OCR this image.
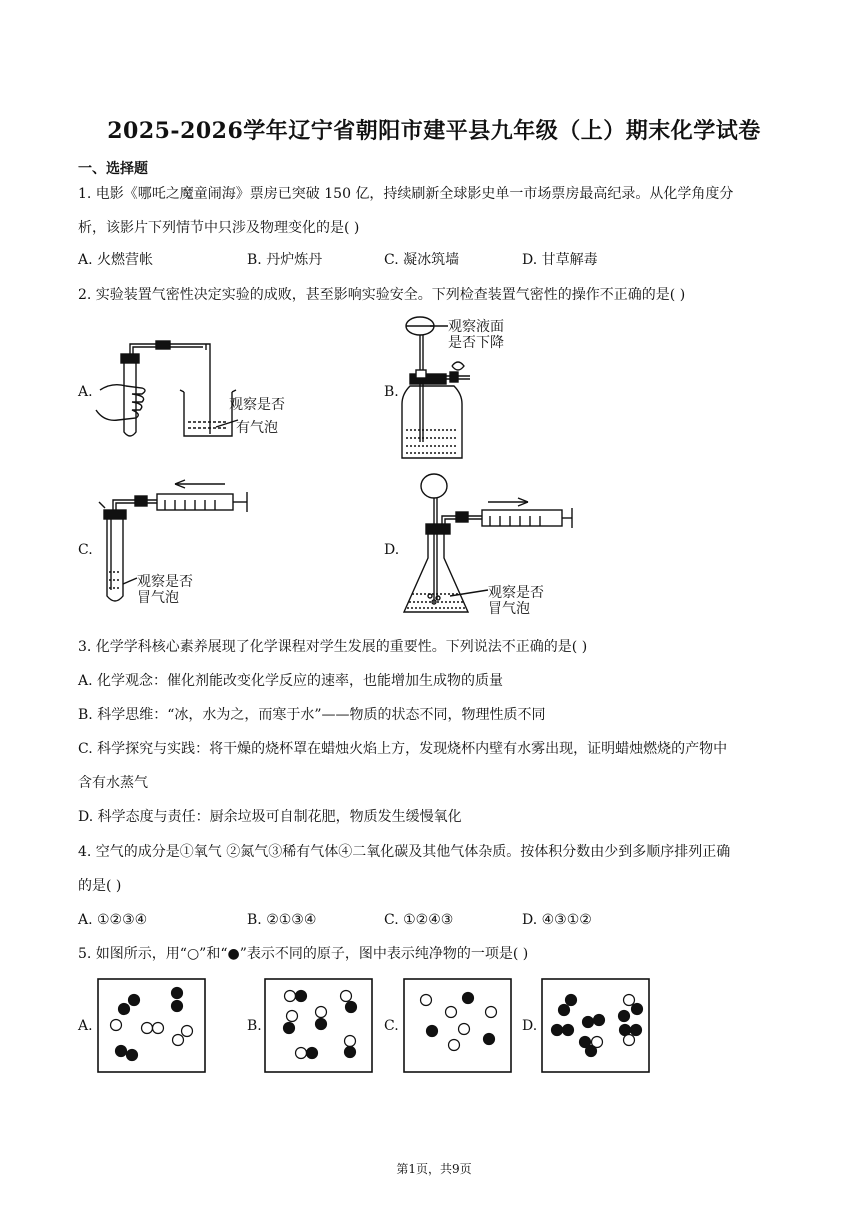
2025-2026学年辽宁省朝阳市建平县九年级（上）期末化学试卷
一、选择题
1. 电影《哪吒之魔童闹海》票房已突破 150 亿，持续刷新全球影史单一市场票房最高纪录。从化学角度分
析，该影片下列情节中只涉及物理变化的是( )
A. 火燃营帐	B. 丹炉炼丹	C. 凝冰筑墙	D. 甘草解毒
2. 实验装置气密性决定实验的成败，甚至影响实验安全。下列检查装置气密性的操作不正确的是( )
A.	B.
C.	D.
观察是否
有气泡
观察液面
是否下降
观察是否
冒气泡	观察是否
冒气泡
3. 化学学科核心素养展现了化学课程对学生发展的重要性。下列说法不正确的是( )
A. 化学观念：催化剂能改变化学反应的速率，也能增加生成物的质量
B. 科学思维：“冰，水为之，而寒于水”——物质的状态不同，物理性质不同
C. 科学探究与实践：将干燥的烧杯罩在蜡烛火焰上方，发现烧杯内壁有水雾出现，证明蜡烛燃烧的产物中
含有水蒸气
D. 科学态度与责任：厨余垃圾可自制花肥，物质发生缓慢氧化
4. 空气的成分是①氧气 ②氮气③稀有气体④二氧化碳及其他气体杂质。按体积分数由少到多顺序排列正确
的是( )
A. ①②③④	B. ②①③④	C. ①②④③	D. ④③①②
5. 如图所示，用“○”和“●”表示不同的原子，图中表示纯净物的一项是( )
A.	B.	C.	D.
第1页，共9页
